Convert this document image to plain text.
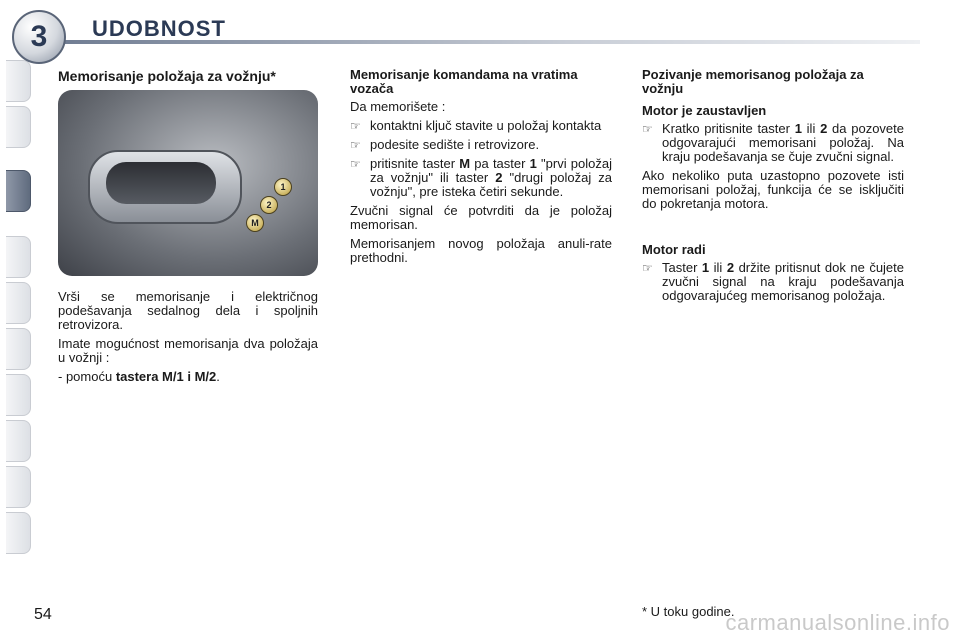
3 UDOBNOST
Memorisanje položaja za vožnju*
1
2
M

Vrši se memorisanje i električnog podešavanja sedalnog dela i spoljnih retrovizora.

Imate mogućnost memorisanja dva položaja u vožnji :

- pomoću tastera M/1 i M/2.

Memorisanje komandama na vratima vozača

Da memorišete :

☞ kontaktni ključ stavite u položaj kontakta
☞ podesite sedište i retrovizore.
☞ pritisnite taster M pa taster 1 "prvi položaj za vožnju" ili taster 2 "drugi položaj za vožnju", pre isteka četiri sekunde.

Zvučni signal će potvrditi da je položaj memorisan.

Memorisanjem novog položaja anuli-rate prethodni.

Pozivanje memorisanog položaja za vožnju
Motor je zaustavljen
☞ Kratko pritisnite taster 1 ili 2 da pozovete odgovarajući memorisani položaj. Na kraju podešavanja se čuje zvučni signal.

Ako nekoliko puta uzastopno pozovete isti memorisani položaj, funkcija će se isključiti do pokretanja motora.

Motor radi
☞ Taster 1 ili 2 držite pritisnut dok ne čujete zvučni signal na kraju podešavanja odgovarajućeg memorisanog položaja.
54	* U toku godine.
carmanualsonline.info
